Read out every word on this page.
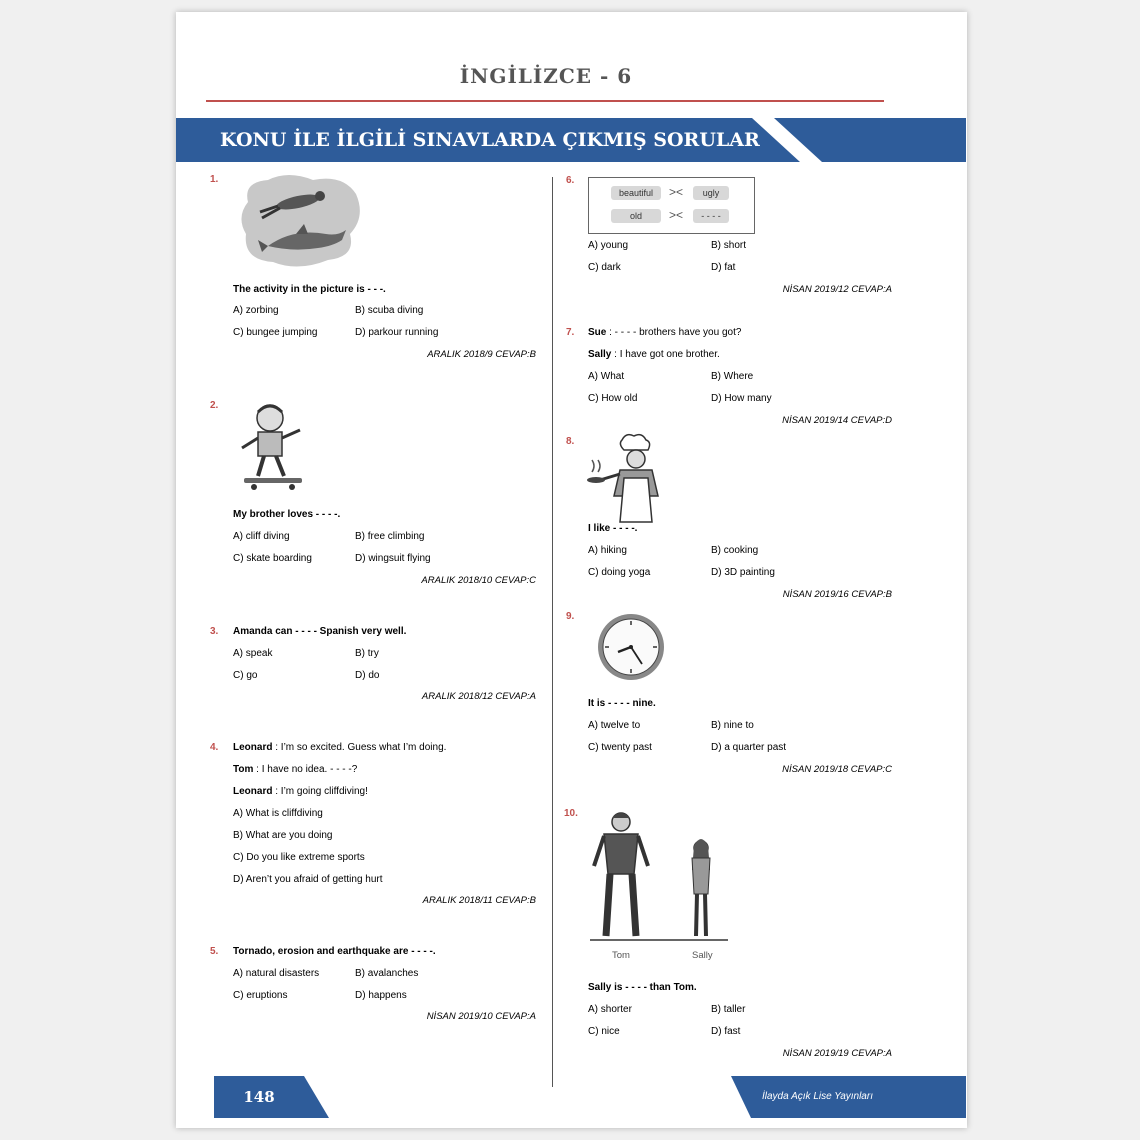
İNGİLİZCE - 6
KONU İLE İLGİLİ SINAVLARDA ÇIKMIŞ SORULAR
1.
The activity in the picture is - - -.
A) zorbing	B) scuba diving
C) bungee jumping	D) parkour running
ARALIK 2018/9 CEVAP:B
2.
My brother loves - - - -.
A) cliff diving	B) free climbing
C) skate boarding	D) wingsuit flying
ARALIK 2018/10 CEVAP:C
3. Amanda can - - - - Spanish very well.
A) speak	B) try
C) go	D) do
ARALIK 2018/12 CEVAP:A
4. Leonard : I’m so excited. Guess what I’m doing.
Tom : I have no idea. - - - -?
Leonard : I’m going cliffdiving!
A) What is cliffdiving
B) What are you doing
C) Do you like extreme sports
D) Aren’t you afraid of getting hurt
ARALIK 2018/11 CEVAP:B
5. Tornado, erosion and earthquake are - - - -.
A) natural disasters	B) avalanches
C) eruptions	D) happens
NİSAN 2019/10 CEVAP:A
6.
beautiful	><	ugly
old	><	- - - -
A) young	B) short
C) dark	D) fat
NİSAN 2019/12 CEVAP:A
7. Sue : - - - - brothers have you got?
Sally : I have got one brother.
A) What	B) Where
C) How old	D) How many
NİSAN 2019/14 CEVAP:D
8.
I like - - - -.
A) hiking	B) cooking
C) doing yoga	D) 3D painting
NİSAN 2019/16 CEVAP:B
9.
It is - - - - nine.
A) twelve to	B) nine to
C) twenty past	D) a quarter past
NİSAN 2019/18 CEVAP:C
10.
Tom	Sally
Sally is - - - - than Tom.
A) shorter	B) taller
C) nice	D) fast
NİSAN 2019/19 CEVAP:A
148	İlayda Açık Lise Yayınları
